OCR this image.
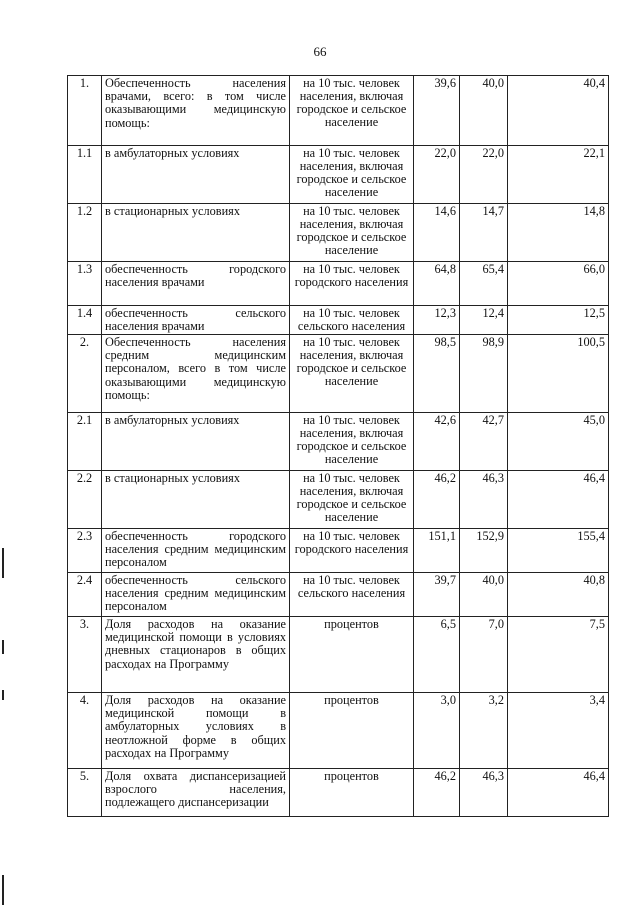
66
1.	Обеспеченность населения врачами, всего: в том числе оказывающими медицинскую помощь:	на 10 тыс. человек населения, включая городское и сельское население	39,6	40,0	40,4
1.1	в амбулаторных условиях	на 10 тыс. человек населения, включая городское и сельское население	22,0	22,0	22,1
1.2	в стационарных условиях	на 10 тыс. человек населения, включая городское и сельское население	14,6	14,7	14,8
1.3	обеспеченность городского населения врачами	на 10 тыс. человек городского населения	64,8	65,4	66,0
1.4	обеспеченность сельского населения врачами	на 10 тыс. человек сельского населения	12,3	12,4	12,5
2.	Обеспеченность населения средним медицинским персоналом, всего в том числе оказывающими медицинскую помощь:	на 10 тыс. человек населения, включая городское и сельское население	98,5	98,9	100,5
2.1	в амбулаторных условиях	на 10 тыс. человек населения, включая городское и сельское население	42,6	42,7	45,0
2.2	в стационарных условиях	на 10 тыс. человек населения, включая городское и сельское население	46,2	46,3	46,4
2.3	обеспеченность городского населения средним медицинским персоналом	на 10 тыс. человек городского населения	151,1	152,9	155,4
2.4	обеспеченность сельского населения средним медицинским персоналом	на 10 тыс. человек сельского населения	39,7	40,0	40,8
3.	Доля расходов на оказание медицинской помощи в условиях дневных стационаров в общих расходах на Программу	процентов	6,5	7,0	7,5
4.	Доля расходов на оказание медицинской помощи в амбулаторных условиях в неотложной форме в общих расходах на Программу	процентов	3,0	3,2	3,4
5.	Доля охвата диспансеризацией взрослого населения, подлежащего диспансеризации	процентов	46,2	46,3	46,4
